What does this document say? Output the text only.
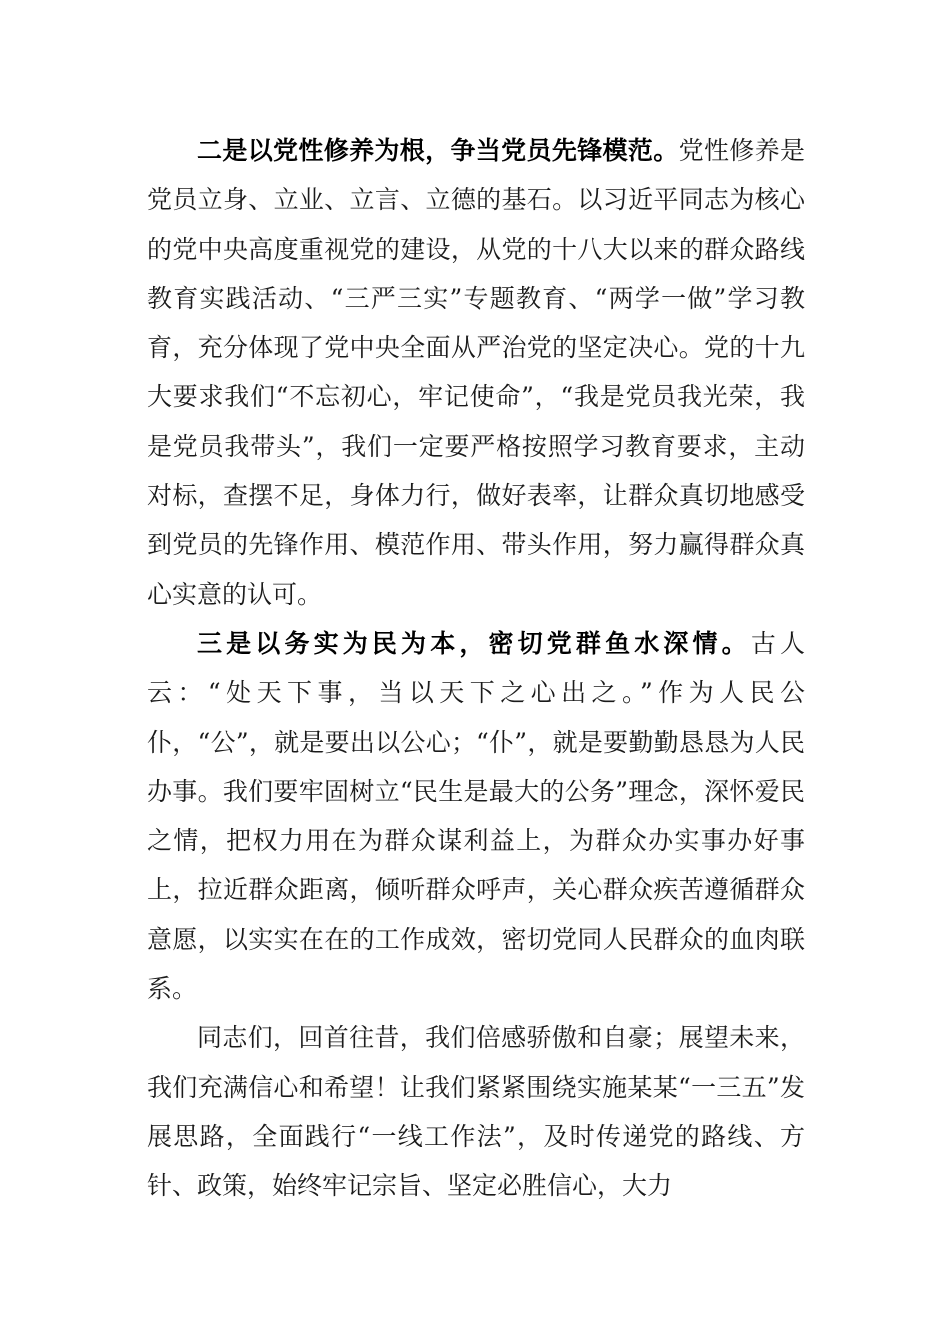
二是以党性修养为根，争当党员先锋模范。党性修养是党员立身、立业、立言、立德的基石。以习近平同志为核心的党中央高度重视党的建设，从党的十八大以来的群众路线教育实践活动、“三严三实”专题教育、“两学一做”学习教育，充分体现了党中央全面从严治党的坚定决心。党的十九大要求我们“不忘初心，牢记使命”，“我是党员我光荣，我是党员我带头”，我们一定要严格按照学习教育要求，主动对标，查摆不足，身体力行，做好表率，让群众真切地感受到党员的先锋作用、模范作用、带头作用，努力赢得群众真心实意的认可。

三是以务实为民为本，密切党群鱼水深情。古人云：“处天下事，当以天下之心出之。”作为人民公仆，“公”，就是要出以公心；“仆”，就是要勤勤恳恳为人民办事。我们要牢固树立“民生是最大的公务”理念，深怀爱民之情，把权力用在为群众谋利益上，为群众办实事办好事上，拉近群众距离，倾听群众呼声，关心群众疾苦遵循群众意愿，以实实在在的工作成效，密切党同人民群众的血肉联系。

同志们，回首往昔，我们倍感骄傲和自豪；展望未来，我们充满信心和希望！让我们紧紧围绕实施某某“一三五”发展思路，全面践行“一线工作法”，及时传递党的路线、方针、政策，始终牢记宗旨、坚定必胜信心，大力
